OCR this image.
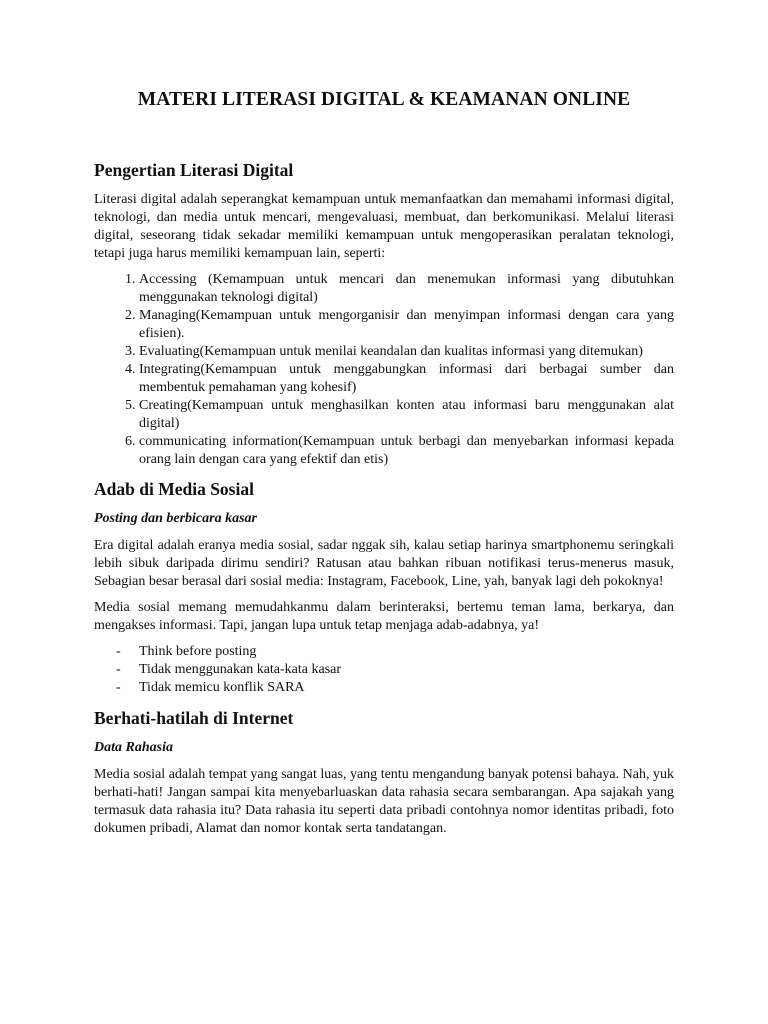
MATERI LITERASI DIGITAL & KEAMANAN ONLINE
Pengertian Literasi Digital

Literasi digital adalah seperangkat kemampuan untuk memanfaatkan dan memahami informasi digital, teknologi, dan media untuk mencari, mengevaluasi, membuat, dan berkomunikasi. Melalui literasi digital, seseorang tidak sekadar memiliki kemampuan untuk mengoperasikan peralatan teknologi, tetapi juga harus memiliki kemampuan lain, seperti:

1. Accessing (Kemampuan untuk mencari dan menemukan informasi yang dibutuhkan menggunakan teknologi digital)
2. Managing(Kemampuan untuk mengorganisir dan menyimpan informasi dengan cara yang efisien).
3. Evaluating(Kemampuan untuk menilai keandalan dan kualitas informasi yang ditemukan)
4. Integrating(Kemampuan untuk menggabungkan informasi dari berbagai sumber dan membentuk pemahaman yang kohesif)
5. Creating(Kemampuan untuk menghasilkan konten atau informasi baru menggunakan alat digital)
6. communicating information(Kemampuan untuk berbagi dan menyebarkan informasi kepada orang lain dengan cara yang efektif dan etis)
Adab di Media Sosial
Posting dan berbicara kasar

Era digital adalah eranya media sosial, sadar nggak sih, kalau setiap harinya smartphonemu seringkali lebih sibuk daripada dirimu sendiri? Ratusan atau bahkan ribuan notifikasi terus-menerus masuk, Sebagian besar berasal dari sosial media: Instagram, Facebook, Line, yah, banyak lagi deh pokoknya!

Media sosial memang memudahkanmu dalam berinteraksi, bertemu teman lama, berkarya, dan mengakses informasi. Tapi, jangan lupa untuk tetap menjaga adab-adabnya, ya!

- Think before posting
- Tidak menggunakan kata-kata kasar
- Tidak memicu konflik SARA
Berhati-hatilah di Internet
Data Rahasia

Media sosial adalah tempat yang sangat luas, yang tentu mengandung banyak potensi bahaya. Nah, yuk berhati-hati! Jangan sampai kita menyebarluaskan data rahasia secara sembarangan. Apa sajakah yang termasuk data rahasia itu? Data rahasia itu seperti data pribadi contohnya nomor identitas pribadi, foto dokumen pribadi, Alamat dan nomor kontak serta tandatangan.
